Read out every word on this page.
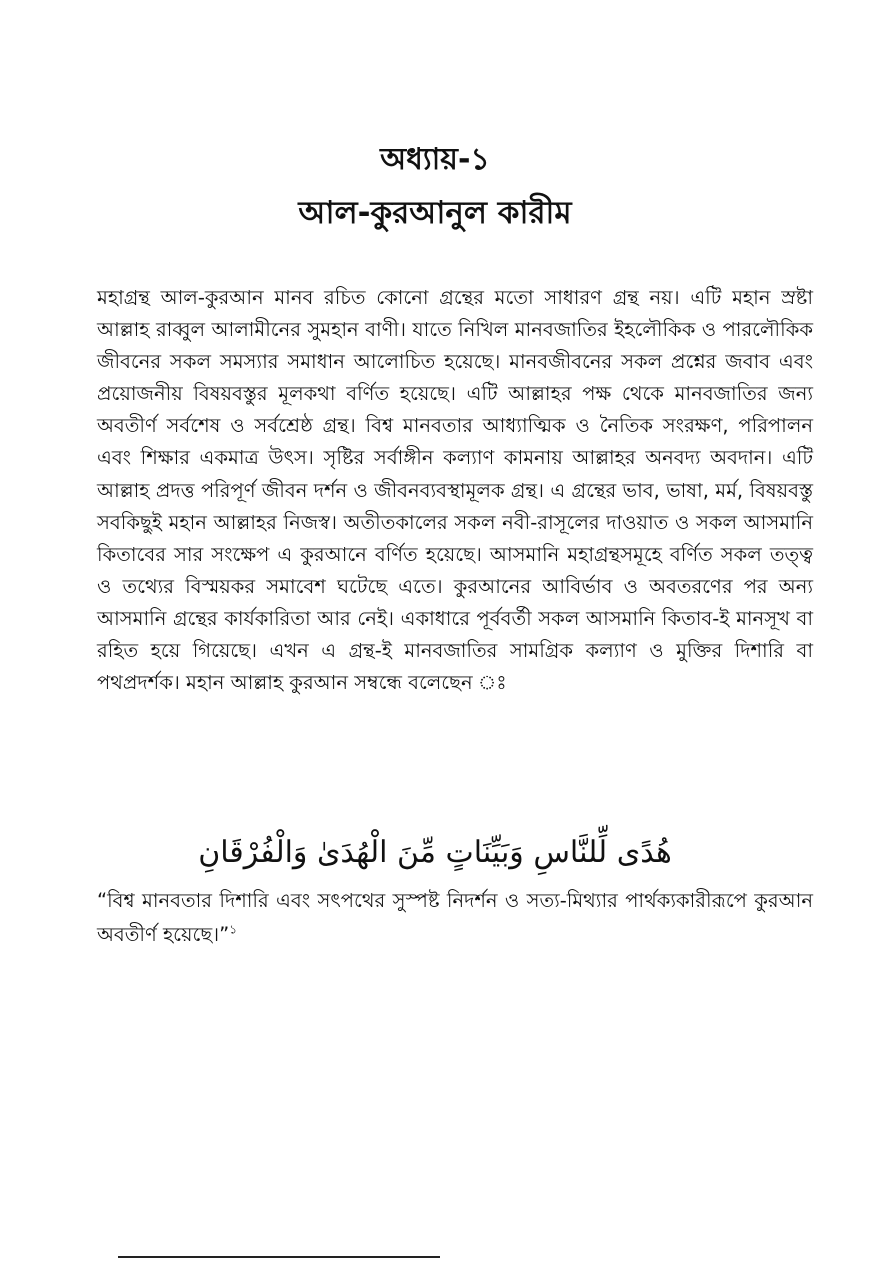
অধ্যায়-১
আল-কুরআনুল কারীম

মহাগ্রন্থ আল-কুরআন মানব রচিত কোনো গ্রন্থের মতো সাধারণ গ্রন্থ নয়। এটি মহান স্রষ্টা আল্লাহ রাব্বুল আলামীনের সুমহান বাণী। যাতে নিখিল মানবজাতির ইহলৌকিক ও পারলৌকিক জীবনের সকল সমস্যার সমাধান আলোচিত হয়েছে। মানবজীবনের সকল প্রশ্নের জবাব এবং প্রয়োজনীয় বিষয়বস্তুর মূলকথা বর্ণিত হয়েছে। এটি আল্লাহর পক্ষ থেকে মানবজাতির জন্য অবতীর্ণ সর্বশেষ ও সর্বশ্রেষ্ঠ গ্রন্থ। বিশ্ব মানবতার আধ্যাত্মিক ও নৈতিক সংরক্ষণ, পরিপালন এবং শিক্ষার একমাত্র উৎস। সৃষ্টির সর্বাঙ্গীন কল্যাণ কামনায় আল্লাহর অনবদ্য অবদান। এটি আল্লাহ প্রদত্ত পরিপূর্ণ জীবন দর্শন ও জীবনব্যবস্থামূলক গ্রন্থ। এ গ্রন্থের ভাব, ভাষা, মর্ম, বিষয়বস্তু সবকিছুই মহান আল্লাহর নিজস্ব। অতীতকালের সকল নবী-রাসূলের দাওয়াত ও সকল আসমানি কিতাবের সার সংক্ষেপ এ কুরআনে বর্ণিত হয়েছে। আসমানি মহাগ্রন্থসমূহে বর্ণিত সকল তত্ত্ব ও তথ্যের বিস্ময়কর সমাবেশ ঘটেছে এতে। কুরআনের আবির্ভাব ও অবতরণের পর অন্য আসমানি গ্রন্থের কার্যকারিতা আর নেই। একাধারে পূর্ববর্তী সকল আসমানি কিতাব-ই মানসূখ বা রহিত হয়ে গিয়েছে। এখন এ গ্রন্থ-ই মানবজাতির সামগ্রিক কল্যাণ ও মুক্তির দিশারি বা পথপ্রদর্শক। মহান আল্লাহ কুরআন সম্বন্ধে বলেছেন ঃ

هُدًى لِّلنَّاسِ وَبَيِّنَاتٍ مِّنَ الْهُدَىٰ وَالْفُرْقَانِ

“বিশ্ব মানবতার দিশারি এবং সৎপথের সুস্পষ্ট নিদর্শন ও সত্য-মিথ্যার পার্থক্যকারীরূপে কুরআন অবতীর্ণ হয়েছে।”$^১$
